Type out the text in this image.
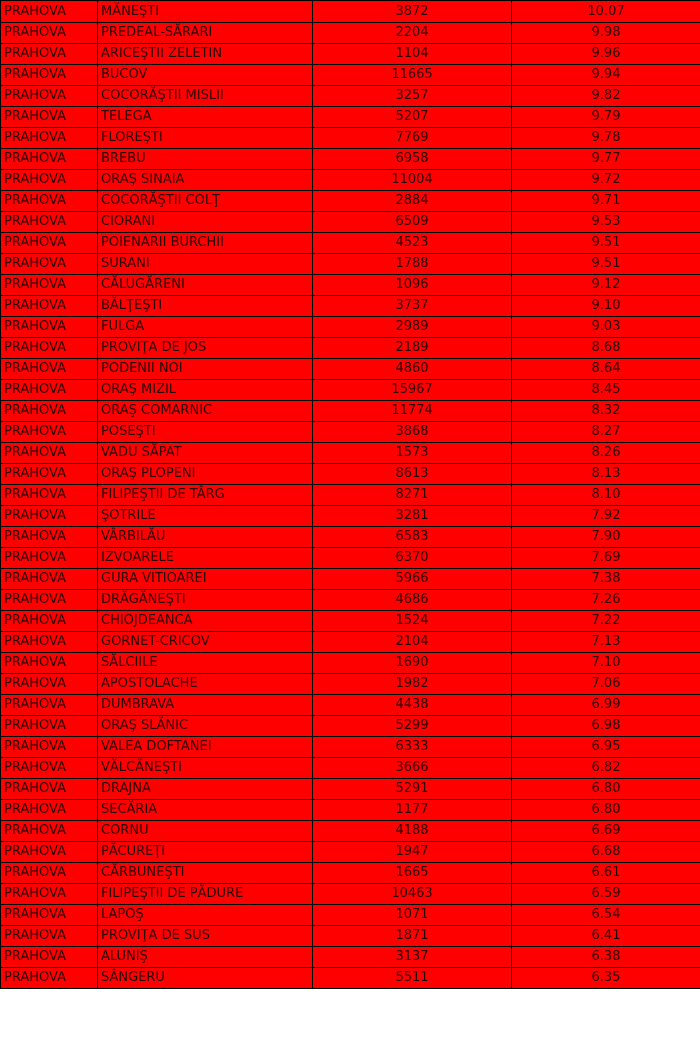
PRAHOVA	MĂNEŞTI	3872	10.07
PRAHOVA	PREDEAL-SĂRARI	2204	9.98
PRAHOVA	ARICEŞTII ZELETIN	1104	9.96
PRAHOVA	BUCOV	11665	9.94
PRAHOVA	COCORĂŞTII MISLII	3257	9.82
PRAHOVA	TELEGA	5207	9.79
PRAHOVA	FLOREŞTI	7769	9.78
PRAHOVA	BREBU	6958	9.77
PRAHOVA	ORAŞ SINAIA	11004	9.72
PRAHOVA	COCORĂŞTII COLŢ	2884	9.71
PRAHOVA	CIORANI	6509	9.53
PRAHOVA	POIENARII BURCHII	4523	9.51
PRAHOVA	SURANI	1788	9.51
PRAHOVA	CĂLUGĂRENI	1096	9.12
PRAHOVA	BĂLŢEŞTI	3737	9.10
PRAHOVA	FULGA	2989	9.03
PRAHOVA	PROVIŢA DE JOS	2189	8.68
PRAHOVA	PODENII NOI	4860	8.64
PRAHOVA	ORAŞ MIZIL	15967	8.45
PRAHOVA	ORAŞ COMARNIC	11774	8.32
PRAHOVA	POSEŞTI	3868	8.27
PRAHOVA	VADU SĂPAT	1573	8.26
PRAHOVA	ORAŞ PLOPENI	8613	8.13
PRAHOVA	FILIPEŞTII DE TÂRG	8271	8.10
PRAHOVA	ŞOTRILE	3281	7.92
PRAHOVA	VÂRBILĂU	6583	7.90
PRAHOVA	IZVOARELE	6370	7.69
PRAHOVA	GURA VITIOAREI	5966	7.38
PRAHOVA	DRĂGĂNEŞTI	4686	7.26
PRAHOVA	CHIOJDEANCA	1524	7.22
PRAHOVA	GORNET-CRICOV	2104	7.13
PRAHOVA	SĂLCIILE	1690	7.10
PRAHOVA	APOSTOLACHE	1982	7.06
PRAHOVA	DUMBRAVA	4438	6.99
PRAHOVA	ORAŞ SLĂNIC	5299	6.98
PRAHOVA	VALEA DOFTANEI	6333	6.95
PRAHOVA	VĂLCĂNEŞTI	3666	6.82
PRAHOVA	DRAJNA	5291	6.80
PRAHOVA	SECĂRIA	1177	6.80
PRAHOVA	CORNU	4188	6.69
PRAHOVA	PĂCUREŢI	1947	6.68
PRAHOVA	CĂRBUNEŞTI	1665	6.61
PRAHOVA	FILIPEŞTII DE PĂDURE	10463	6.59
PRAHOVA	LAPOŞ	1071	6.54
PRAHOVA	PROVIŢA DE SUS	1871	6.41
PRAHOVA	ALUNIŞ	3137	6.38
PRAHOVA	SÂNGERU	5511	6.35
